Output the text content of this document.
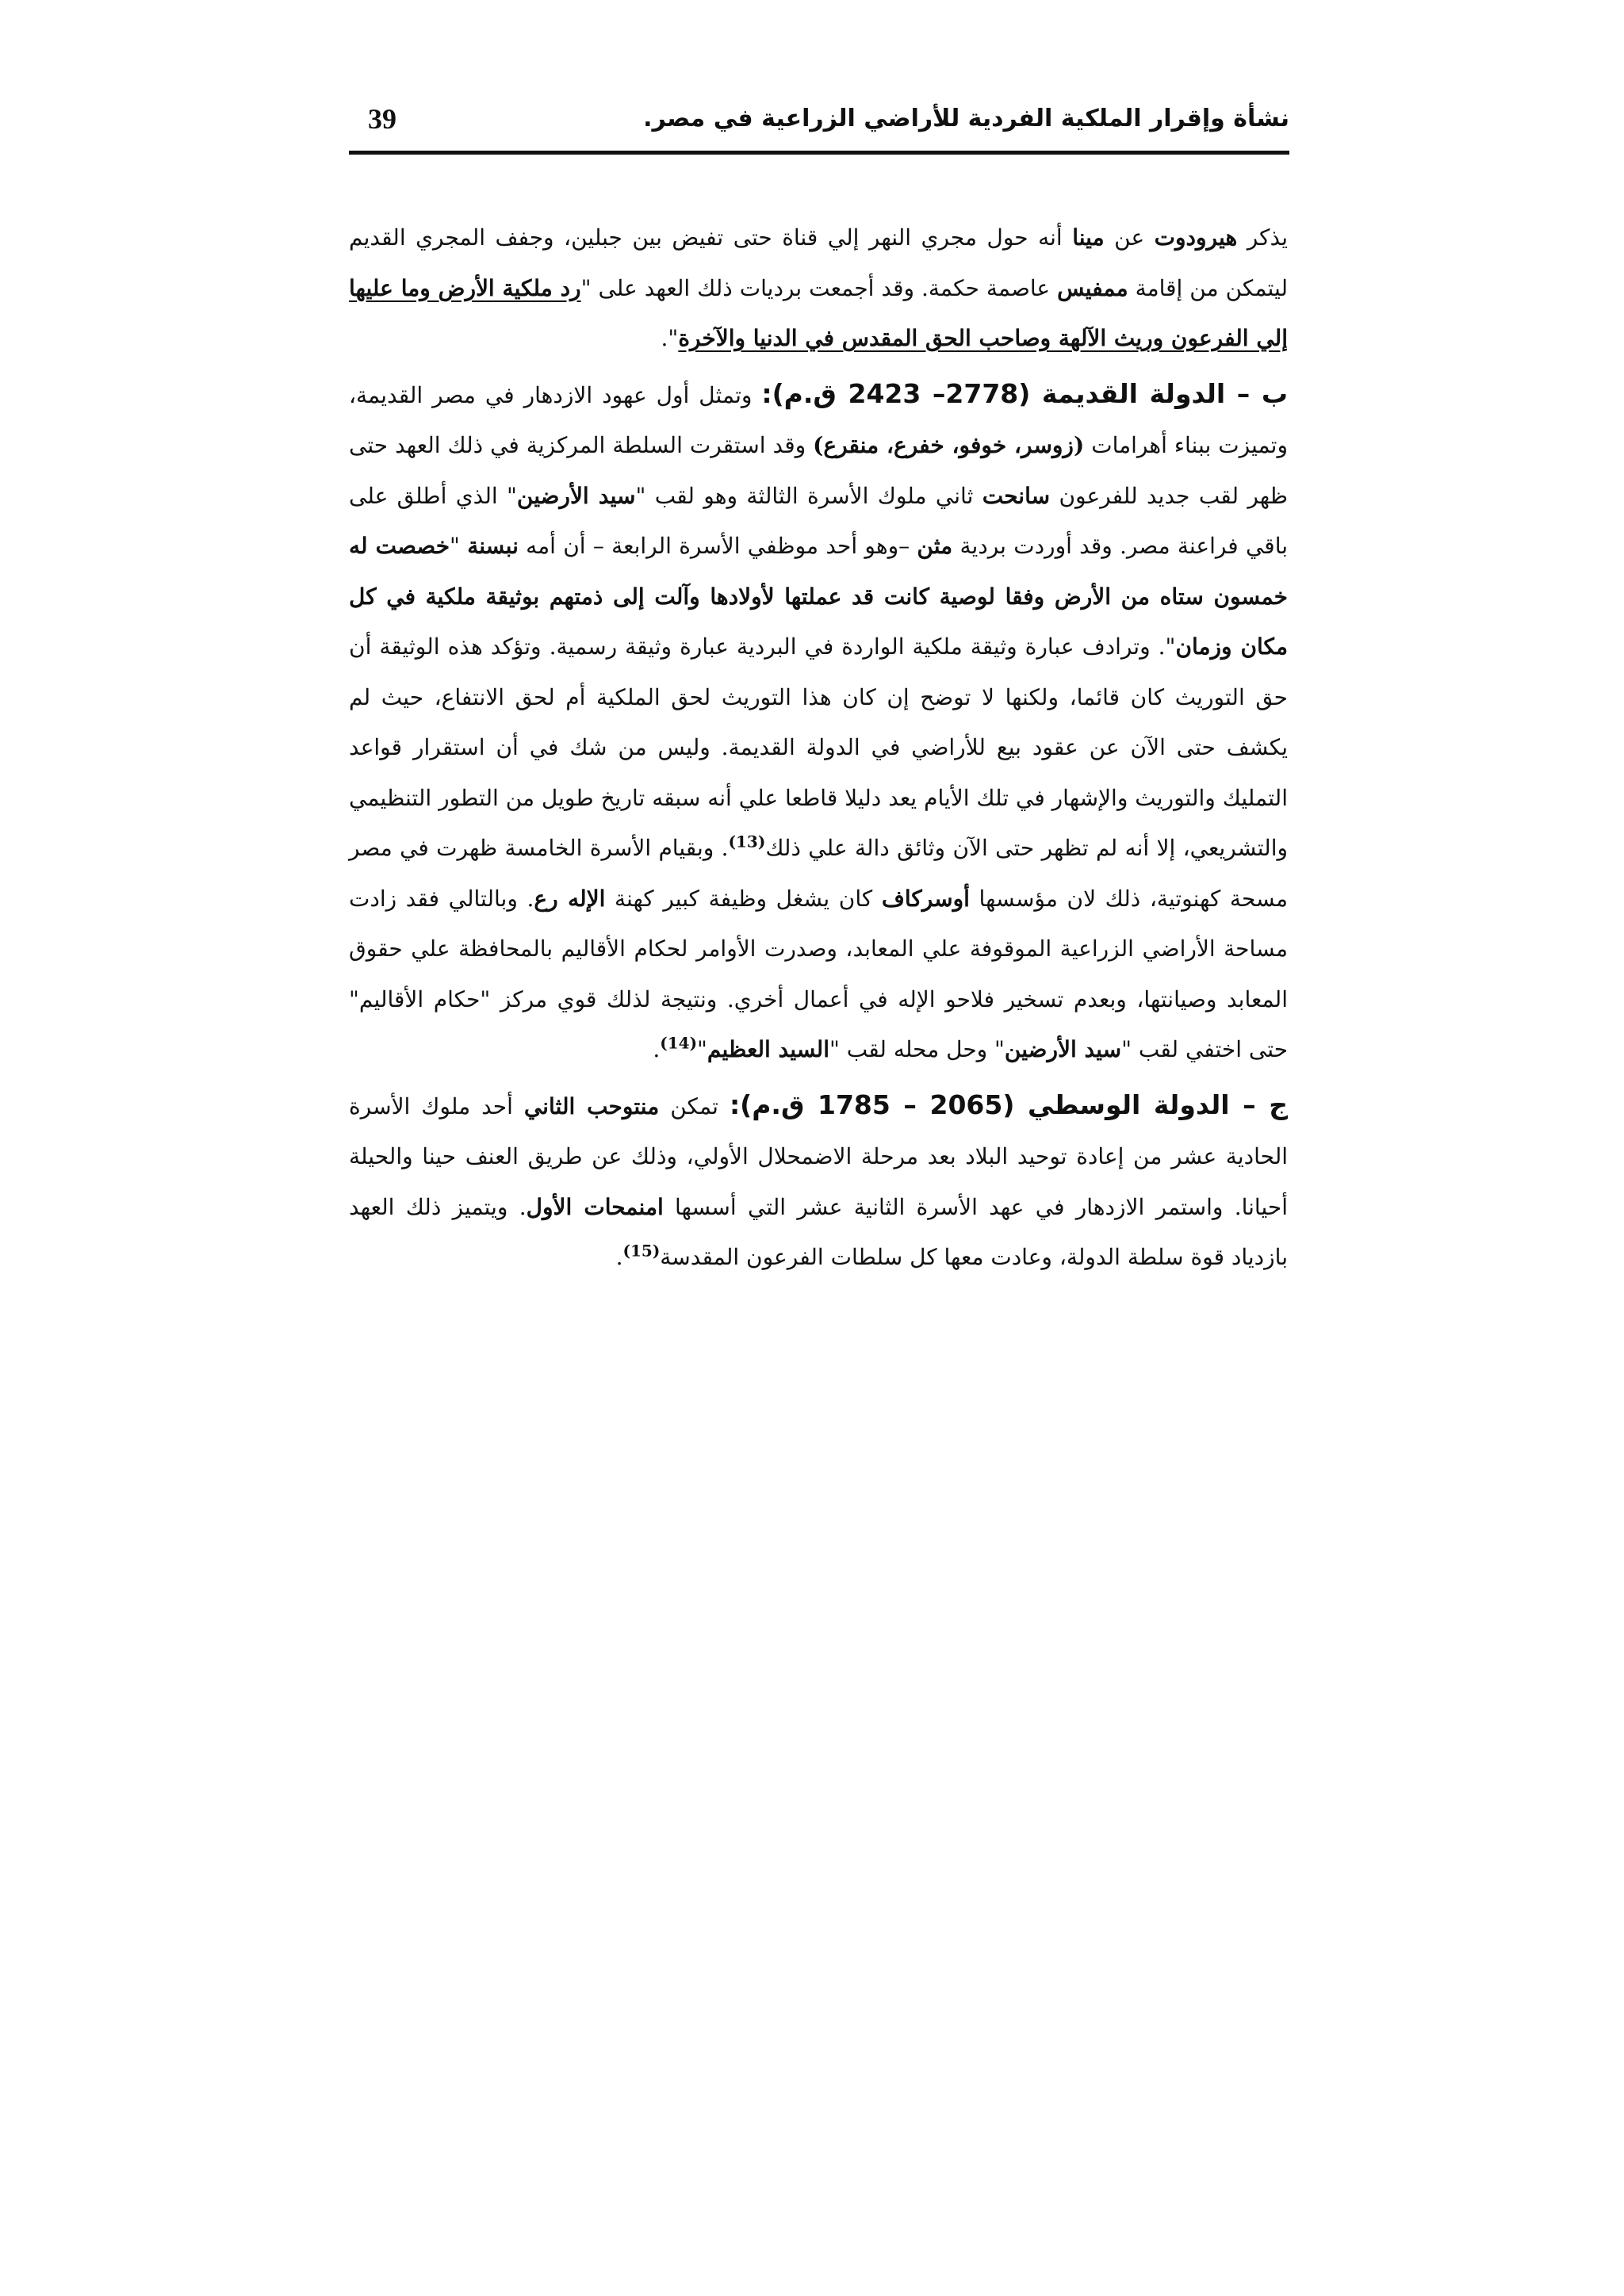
نشأة وإقرار الملكية الفردية للأراضي الزراعية في مصر.
39

يذكر هيرودوت عن مينا أنه حول مجري النهر إلي قناة حتى تفيض بين جبلين، وجفف المجري القديم ليتمكن من إقامة ممفيس عاصمة حكمة. وقد أجمعت برديات ذلك العهد على "رد ملكية الأرض وما عليها إلي الفرعون وريث الآلهة وصاحب الحق المقدس في الدنيا والآخرة".

ب – الدولة القديمة (2778– 2423 ق.م): وتمثل أول عهود الازدهار في مصر القديمة، وتميزت ببناء أهرامات (زوسر، خوفو، خفرع، منقرع) وقد استقرت السلطة المركزية في ذلك العهد حتى ظهر لقب جديد للفرعون سانحت ثاني ملوك الأسرة الثالثة وهو لقب "سيد الأرضين" الذي أطلق على باقي فراعنة مصر. وقد أوردت بردية مثن –وهو أحد موظفي الأسرة الرابعة – أن أمه نبسنة "خصصت له خمسون ستاه من الأرض وفقا لوصية كانت قد عملتها لأولادها وآلت إلى ذمتهم بوثيقة ملكية في كل مكان وزمان". وترادف عبارة وثيقة ملكية الواردة في البردية عبارة وثيقة رسمية. وتؤكد هذه الوثيقة أن حق التوريث كان قائما، ولكنها لا توضح إن كان هذا التوريث لحق الملكية أم لحق الانتفاع، حيث لم يكشف حتى الآن عن عقود بيع للأراضي في الدولة القديمة. وليس من شك في أن استقرار قواعد التمليك والتوريث والإشهار في تلك الأيام يعد دليلا قاطعا علي أنه سبقه تاريخ طويل من التطور التنظيمي والتشريعي، إلا أنه لم تظهر حتى الآن وثائق دالة علي ذلك$^{(13)}$. وبقيام الأسرة الخامسة ظهرت في مصر مسحة كهنوتية، ذلك لان مؤسسها أوسركاف كان يشغل وظيفة كبير كهنة الإله رع. وبالتالي فقد زادت مساحة الأراضي الزراعية الموقوفة علي المعابد، وصدرت الأوامر لحكام الأقاليم بالمحافظة علي حقوق المعابد وصيانتها، وبعدم تسخير فلاحو الإله في أعمال أخري. ونتيجة لذلك قوي مركز "حكام الأقاليم" حتى اختفي لقب "سيد الأرضين" وحل محله لقب "السيد العظيم"$^{(14)}$.

ج – الدولة الوسطي (2065 – 1785 ق.م): تمكن منتوحب الثاني أحد ملوك الأسرة الحادية عشر من إعادة توحيد البلاد بعد مرحلة الاضمحلال الأولي، وذلك عن طريق العنف حينا والحيلة أحيانا. واستمر الازدهار في عهد الأسرة الثانية عشر التي أسسها امنمحات الأول. ويتميز ذلك العهد بازدياد قوة سلطة الدولة، وعادت معها كل سلطات الفرعون المقدسة$^{(15)}$.
